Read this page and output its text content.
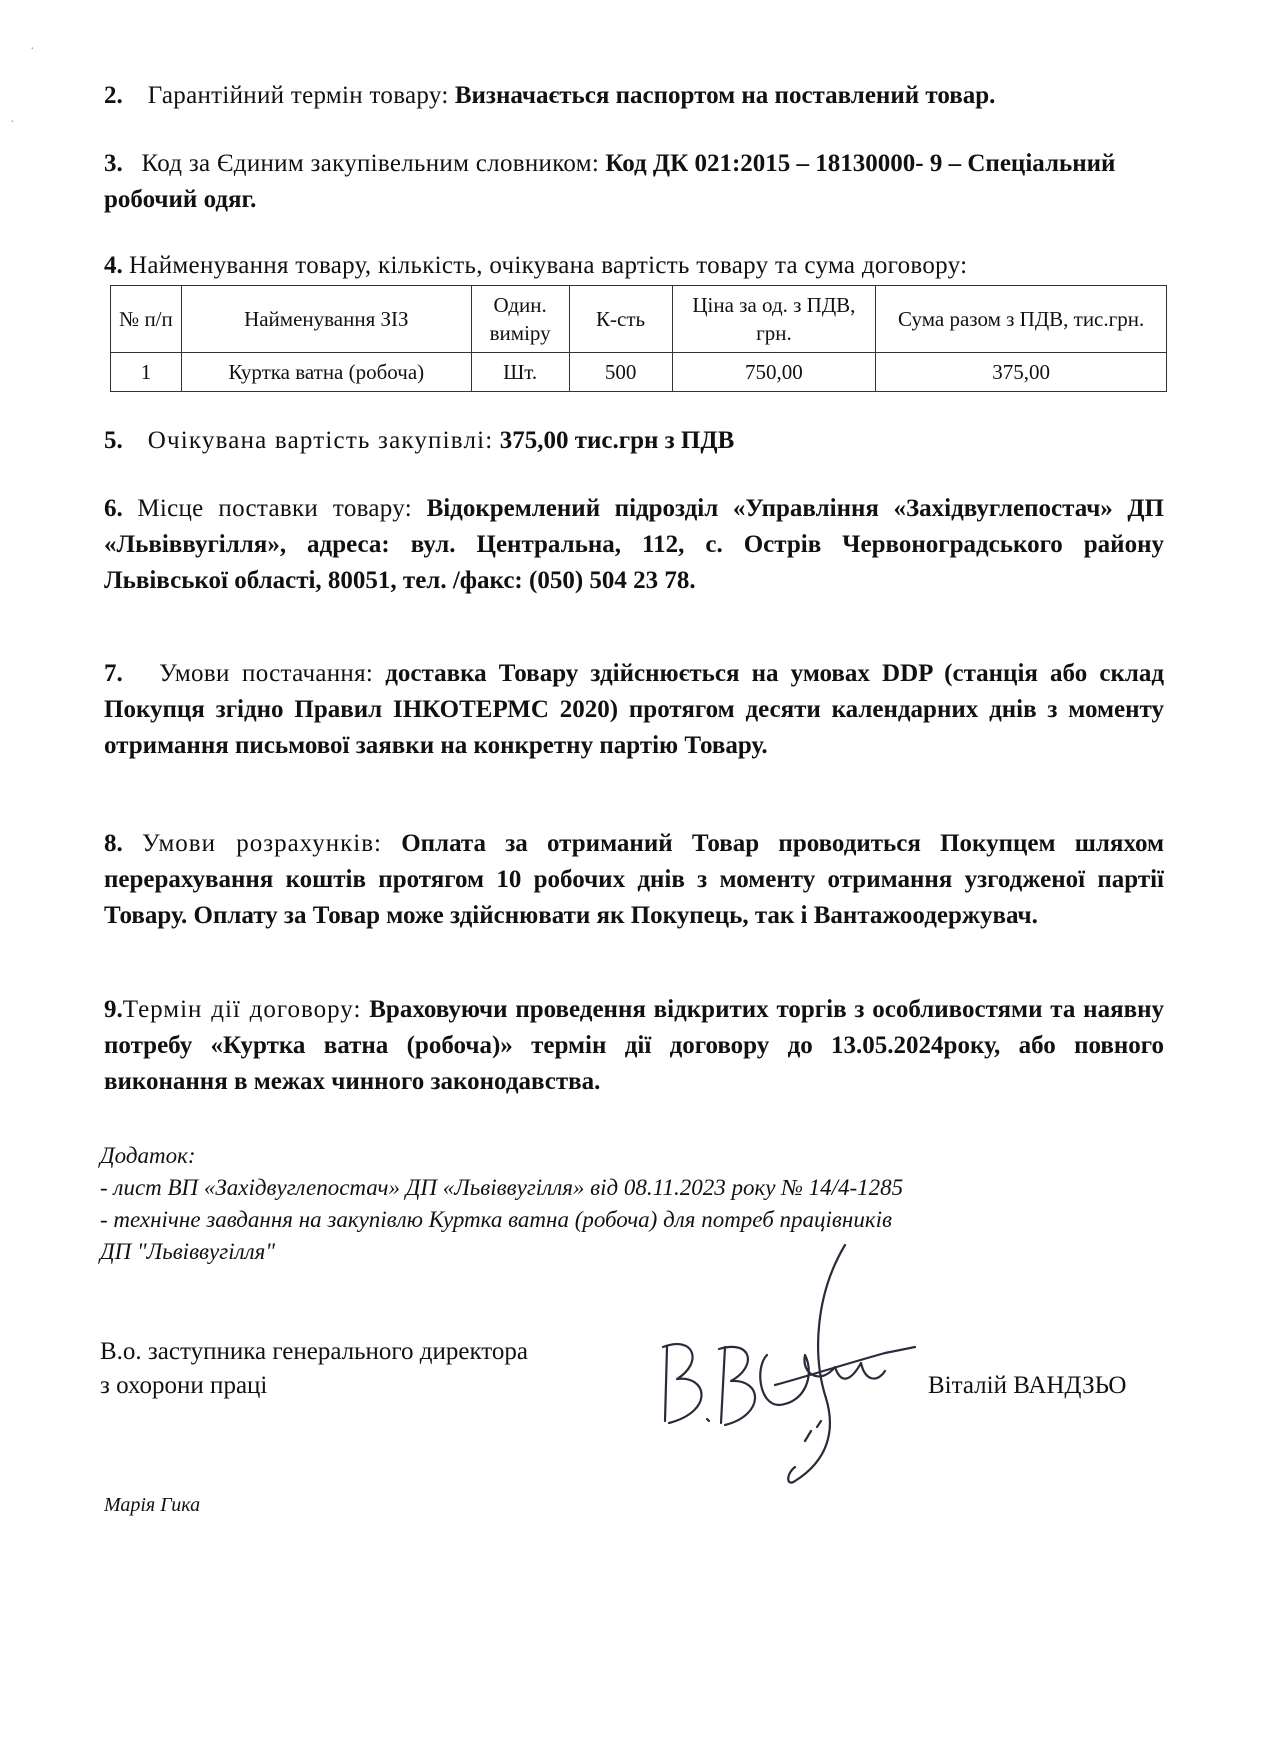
·
·
2. Гарантійний термін товару: Визначається паспортом на поставлений товар.
3. Код за Єдиним закупівельним словником: Код ДК 021:2015 – 18130000- 9 – Спеціальний робочий одяг.
4. Найменування товару, кількість, очікувана вартість товару та сума договору:
№ п/п	Найменування ЗІЗ	Один. виміру	К-сть	Ціна за од. з ПДВ, грн.	Сума разом з ПДВ, тис.грн.
1	Куртка ватна (робоча)	Шт.	500	750,00	375,00
5. Очікувана вартість закупівлі: 375,00 тис.грн з ПДВ
6. Місце поставки товару: Відокремлений підрозділ «Управління «Західвуглепостач» ДП «Львіввугілля», адреса: вул. Центральна, 112, с. Острів Червоноградського району Львівської області, 80051, тел. /факс: (050) 504 23 78.
7. Умови постачання: доставка Товару здійснюється на умовах DDP (станція або склад Покупця згідно Правил ІНКОТЕРМС 2020) протягом десяти календарних днів з моменту отримання письмової заявки на конкретну партію Товару.
8. Умови розрахунків: Оплата за отриманий Товар проводиться Покупцем шляхом перерахування коштів протягом 10 робочих днів з моменту отримання узгодженої партії Товару. Оплату за Товар може здійснювати як Покупець, так і Вантажоодержувач.
9.Термін дії договору: Враховуючи проведення відкритих торгів з особливостями та наявну потребу «Куртка ватна (робоча)» термін дії договору до 13.05.2024року, або повного виконання в межах чинного законодавства.
Додаток:
- лист ВП «Західвуглепостач» ДП «Львіввугілля» від 08.11.2023 року № 14/4-1285
- технічне завдання на закупівлю Куртка ватна (робоча) для потреб працівників
ДП "Львіввугілля"
В.о. заступника генерального директора
з охорони праці	Віталій ВАНДЗЬО
Марія Гика
